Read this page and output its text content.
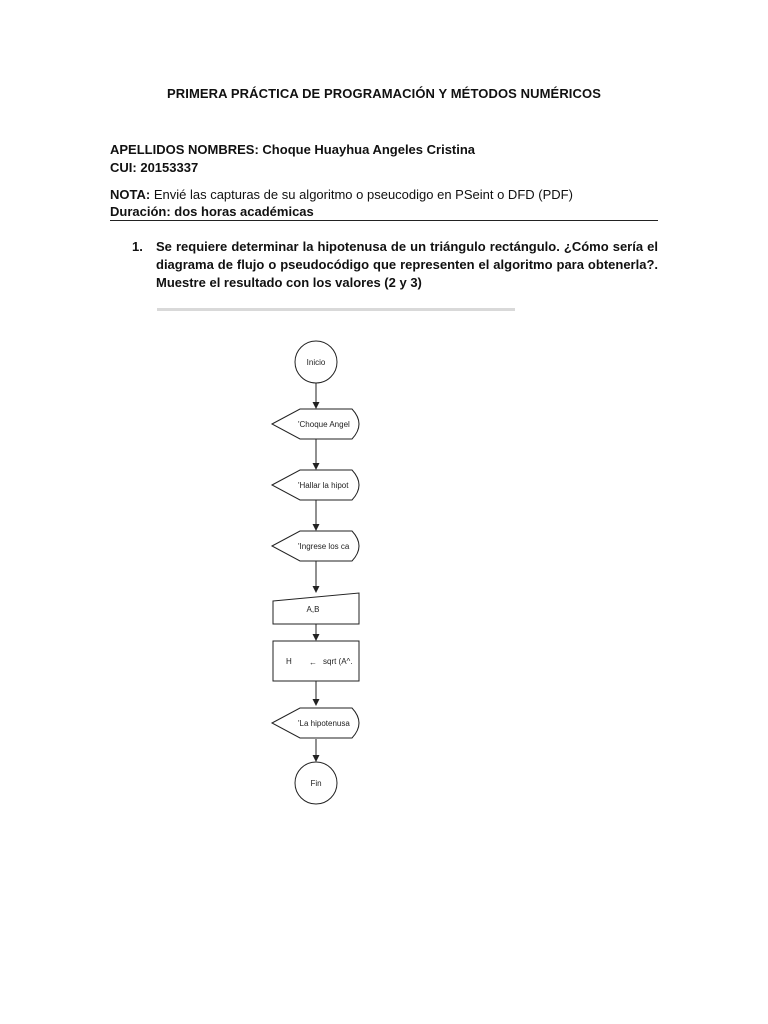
PRIMERA PRÁCTICA DE PROGRAMACIÓN Y MÉTODOS NUMÉRICOS
APELLIDOS NOMBRES: Choque Huayhua Angeles Cristina
CUI: 20153337
NOTA: Envié las capturas de su algoritmo o pseucodigo en PSeint o DFD (PDF)
Duración: dos horas académicas
1. Se requiere determinar la hipotenusa de un triángulo rectángulo. ¿Cómo sería el diagrama de flujo o pseudocódigo que representen el algoritmo para obtenerla?. Muestre el resultado con los valores (2 y 3)
Inicio
'Choque Angel
'Hallar la hipot
'Ingrese los ca
A,B
H ← sqrt (A^.
'La hipotenusa
Fin
